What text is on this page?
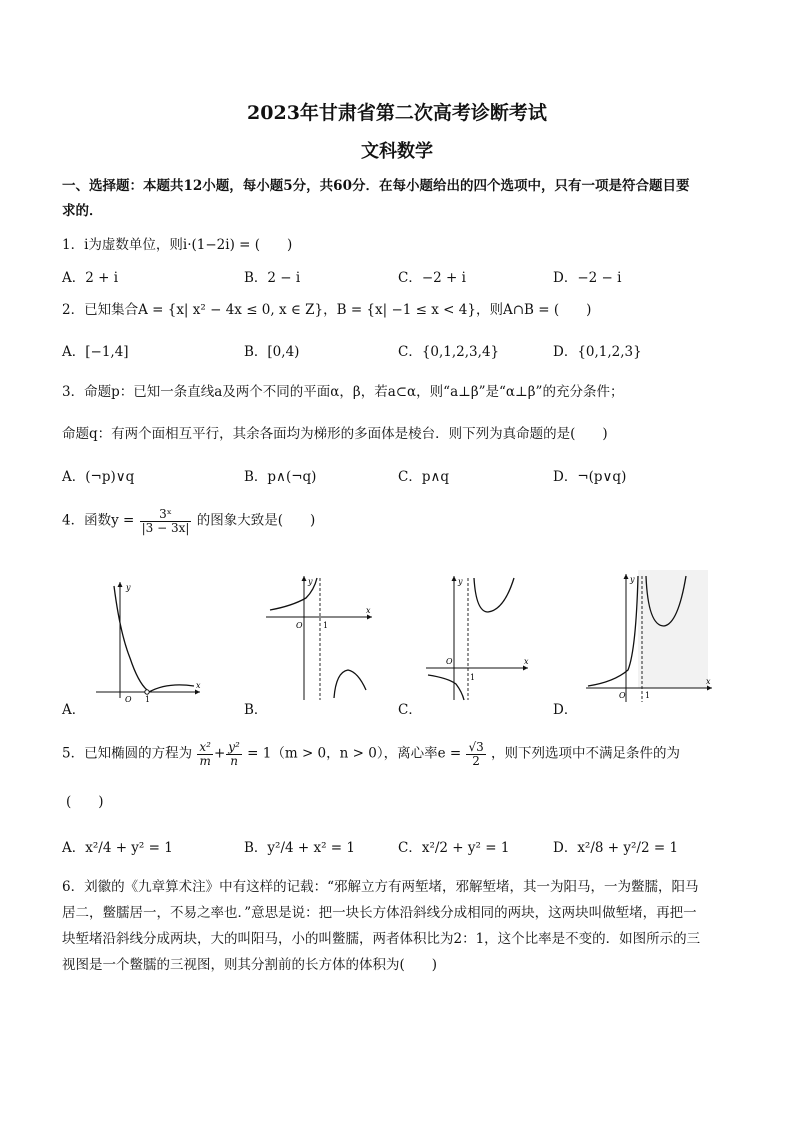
2023年甘肃省第二次高考诊断考试
文科数学
一、选择题：本题共12小题，每小题5分，共60分．在每小题给出的四个选项中，只有一项是符合题目要
求的．
1．i为虚数单位，则i·(1−2i) = (　　)
A．2 + i	B．2 − i	C．−2 + i	D．−2 − i
2．已知集合A = {x| x² − 4x ≤ 0, x ∈ Z}，B = {x| −1 ≤ x < 4}，则A∩B = (　　)
A．[−1,4]	B．[0,4)	C．{0,1,2,3,4}	D．{0,1,2,3}
3．命题p：已知一条直线a及两个不同的平面α，β，若a⊂α，则“a⊥β”是“α⊥β”的充分条件；
命题q：有两个面相互平行，其余各面均为梯形的多面体是棱台．则下列为真命题的是(　　)
A．(¬p)∨q	B．p∧(¬q)	C．p∧q	D．¬(p∨q)
4．函数$y = \frac{\text{3ˣ}}{|3 - 3x|}$ 的图象大致是(　　)
A．	B．	C．	D．
y
x
O 1
y
x
O	1
y
x
O
1
y
x
O 1
5．已知椭圆的方程为 $\frac{\text{x²}}{m} + \frac{\text{y²}}{n} = 1(m > 0$，n > 0），离心率$e = \frac{√3}{2}$ ，则下列选项中不满足条件的为
(　　)
A．x²/4 + y² = 1	B．y²/4 + x² = 1	C．x²/2 + y² = 1	D．x²/8 + y²/2 = 1
6．刘徽的《九章算术注》中有这样的记载：“邪解立方有两堑堵，邪解堑堵，其一为阳马，一为鳖臑，阳马
居二，鳖臑居一，不易之率也．”意思是说：把一块长方体沿斜线分成相同的两块，这两块叫做堑堵，再把一
块堑堵沿斜线分成两块，大的叫阳马，小的叫鳖臑，两者体积比为2：1，这个比率是不变的．如图所示的三
视图是一个鳖臑的三视图，则其分割前的长方体的体积为(　　)
